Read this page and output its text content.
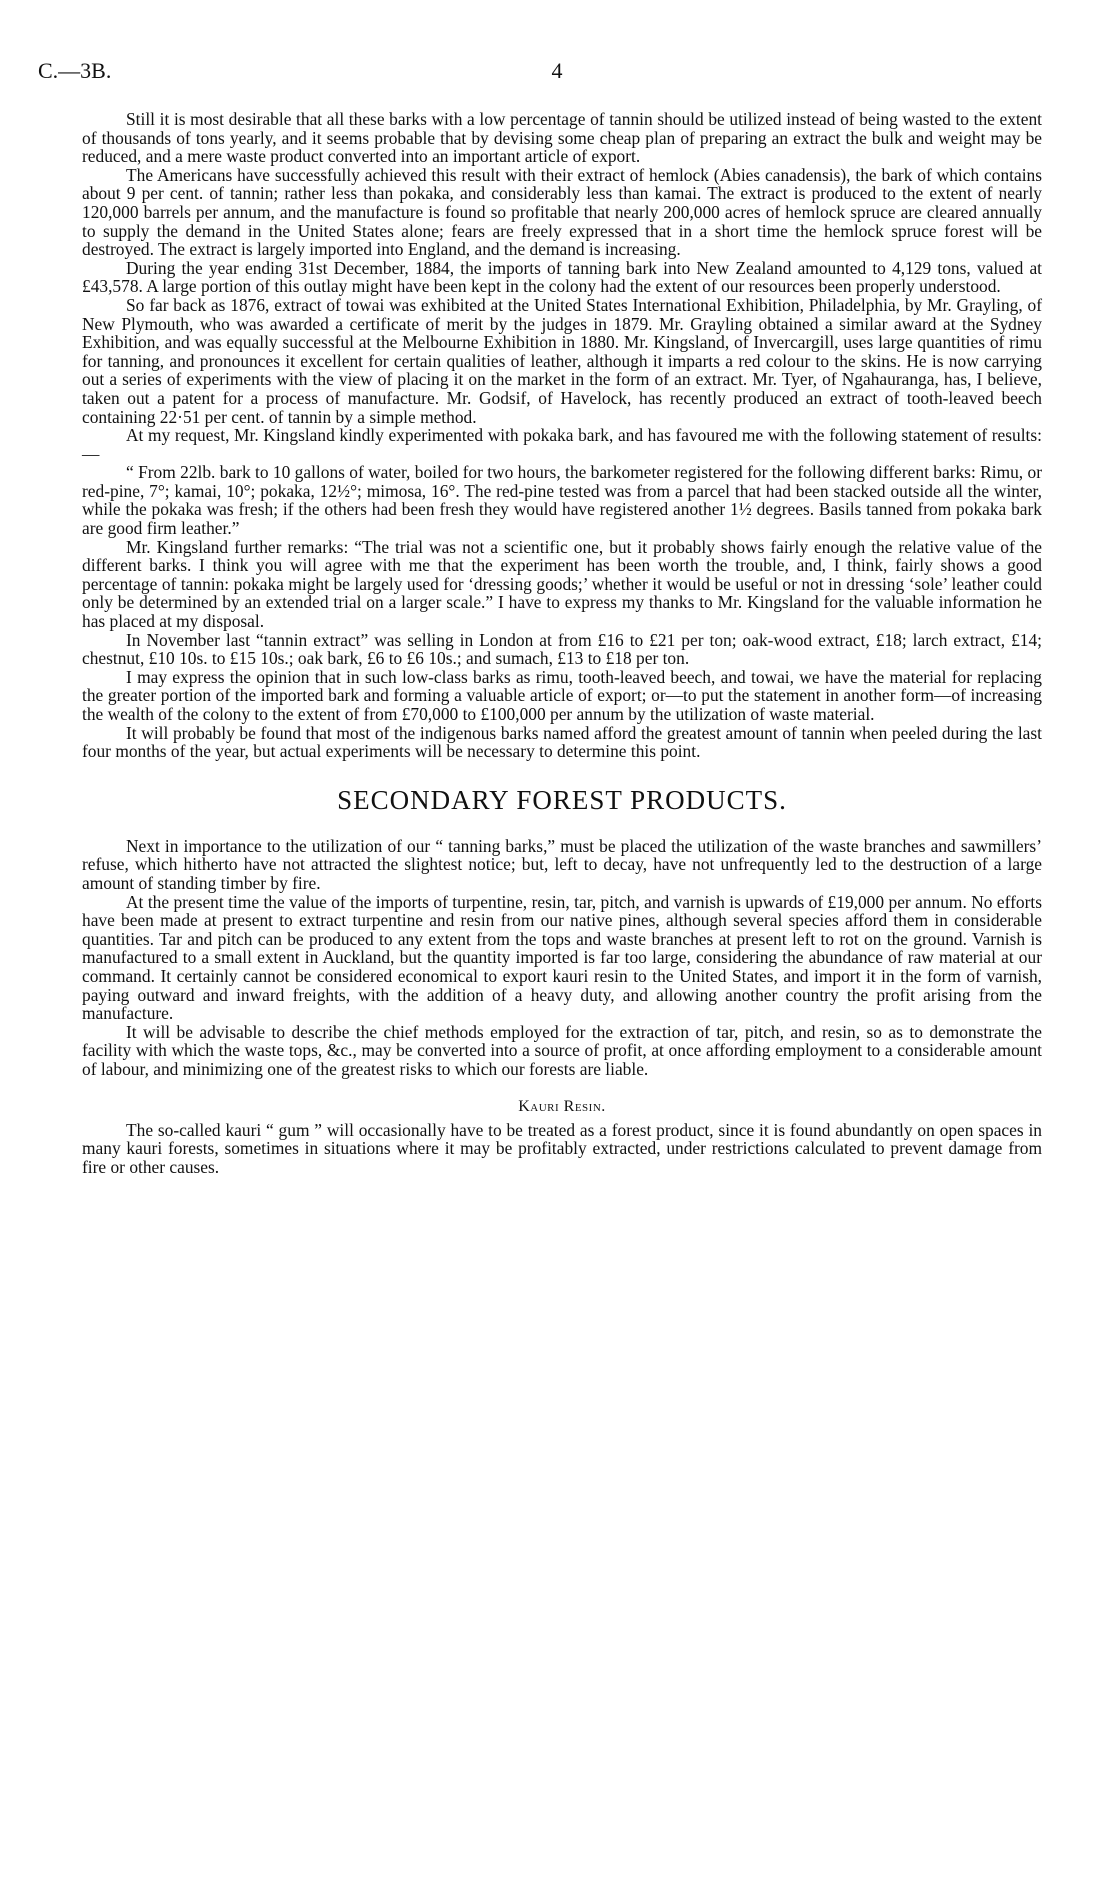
C.—3B.	4

Still it is most desirable that all these barks with a low percentage of tannin should be utilized instead of being wasted to the extent of thousands of tons yearly, and it seems probable that by devising some cheap plan of preparing an extract the bulk and weight may be reduced, and a mere waste product converted into an important article of export.

The Americans have successfully achieved this result with their extract of hemlock (Abies canadensis), the bark of which contains about 9 per cent. of tannin; rather less than pokaka, and considerably less than kamai. The extract is produced to the extent of nearly 120,000 barrels per annum, and the manufacture is found so profitable that nearly 200,000 acres of hemlock spruce are cleared annually to supply the demand in the United States alone; fears are freely expressed that in a short time the hemlock spruce forest will be destroyed. The extract is largely imported into England, and the demand is increasing.

During the year ending 31st December, 1884, the imports of tanning bark into New Zealand amounted to 4,129 tons, valued at £43,578. A large portion of this outlay might have been kept in the colony had the extent of our resources been properly understood.

So far back as 1876, extract of towai was exhibited at the United States International Exhibition, Philadelphia, by Mr. Grayling, of New Plymouth, who was awarded a certificate of merit by the judges in 1879. Mr. Grayling obtained a similar award at the Sydney Exhibition, and was equally successful at the Melbourne Exhibition in 1880. Mr. Kingsland, of Invercargill, uses large quantities of rimu for tanning, and pronounces it excellent for certain qualities of leather, although it imparts a red colour to the skins. He is now carrying out a series of experiments with the view of placing it on the market in the form of an extract. Mr. Tyer, of Ngahauranga, has, I believe, taken out a patent for a process of manufacture. Mr. Godsif, of Havelock, has recently produced an extract of tooth-leaved beech containing 22·51 per cent. of tannin by a simple method.

At my request, Mr. Kingsland kindly experimented with pokaka bark, and has favoured me with the following statement of results:—

“ From 22lb. bark to 10 gallons of water, boiled for two hours, the barkometer registered for the following different barks: Rimu, or red-pine, 7°; kamai, 10°; pokaka, 12½°; mimosa, 16°. The red-pine tested was from a parcel that had been stacked outside all the winter, while the pokaka was fresh; if the others had been fresh they would have registered another 1½ degrees. Basils tanned from pokaka bark are good firm leather.”

Mr. Kingsland further remarks: “The trial was not a scientific one, but it probably shows fairly enough the relative value of the different barks. I think you will agree with me that the experiment has been worth the trouble, and, I think, fairly shows a good percentage of tannin: pokaka might be largely used for ‘dressing goods;’ whether it would be useful or not in dressing ‘sole’ leather could only be determined by an extended trial on a larger scale.” I have to express my thanks to Mr. Kingsland for the valuable information he has placed at my disposal.

In November last “tannin extract” was selling in London at from £16 to £21 per ton; oak-wood extract, £18; larch extract, £14; chestnut, £10 10s. to £15 10s.; oak bark, £6 to £6 10s.; and sumach, £13 to £18 per ton.

I may express the opinion that in such low-class barks as rimu, tooth-leaved beech, and towai, we have the material for replacing the greater portion of the imported bark and forming a valuable article of export; or—to put the statement in another form—of increasing the wealth of the colony to the extent of from £70,000 to £100,000 per annum by the utilization of waste material.

It will probably be found that most of the indigenous barks named afford the greatest amount of tannin when peeled during the last four months of the year, but actual experiments will be necessary to determine this point.

SECONDARY FOREST PRODUCTS.

Next in importance to the utilization of our “ tanning barks,” must be placed the utilization of the waste branches and sawmillers’ refuse, which hitherto have not attracted the slightest notice; but, left to decay, have not unfrequently led to the destruction of a large amount of standing timber by fire.

At the present time the value of the imports of turpentine, resin, tar, pitch, and varnish is upwards of £19,000 per annum. No efforts have been made at present to extract turpentine and resin from our native pines, although several species afford them in considerable quantities. Tar and pitch can be produced to any extent from the tops and waste branches at present left to rot on the ground. Varnish is manufactured to a small extent in Auckland, but the quantity imported is far too large, considering the abundance of raw material at our command. It certainly cannot be considered economical to export kauri resin to the United States, and import it in the form of varnish, paying outward and inward freights, with the addition of a heavy duty, and allowing another country the profit arising from the manufacture.

It will be advisable to describe the chief methods employed for the extraction of tar, pitch, and resin, so as to demonstrate the facility with which the waste tops, &c., may be converted into a source of profit, at once affording employment to a considerable amount of labour, and minimizing one of the greatest risks to which our forests are liable.

Kauri Resin.

The so-called kauri “ gum ” will occasionally have to be treated as a forest product, since it is found abundantly on open spaces in many kauri forests, sometimes in situations where it may be profitably extracted, under restrictions calculated to prevent damage from fire or other causes.
